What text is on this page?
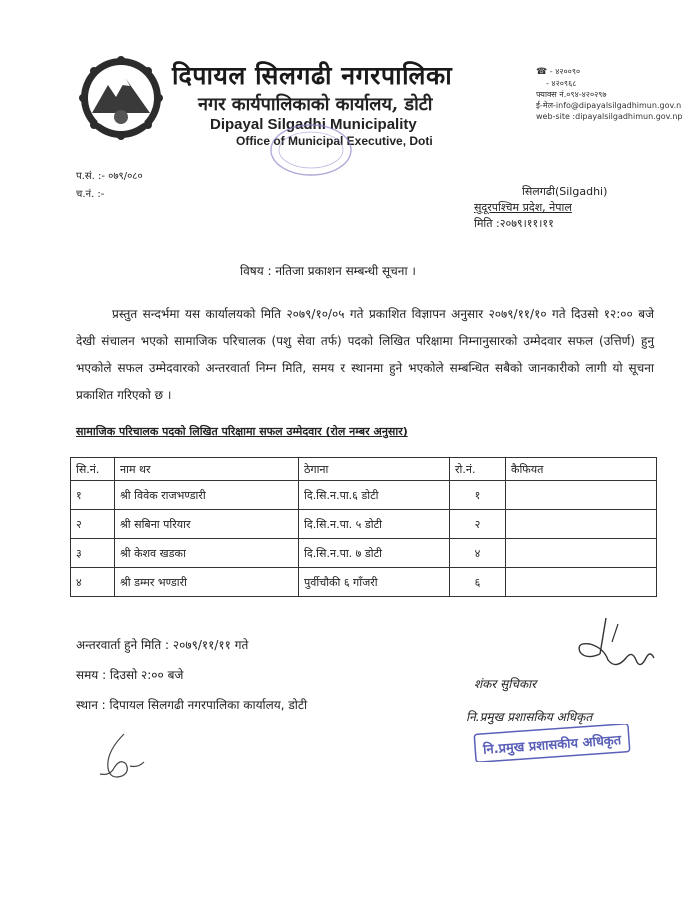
दिपायल सिलगढी नगरपालिका
नगर कार्यपालिकाको कार्यालय, डोटी
Dipayal Silgadhi Municipality
Office of Municipal Executive, Doti
☎ - ४२००९०
- ४२०९६८
फ्याक्स नं.०९४-४२०२९७
ई-मेल-info@dipayalsilgadhimun.gov.n
web-site :dipayalsilgadhimun.gov.np
प.सं. :- ०७९/०८०
च.नं. :-	सिलगढी(Silgadhi)
सुदूरपश्चिम प्रदेश, नेपाल
मिति :२०७९।११।११
विषय : नतिजा प्रकाशन सम्बन्धी सूचना ।
प्रस्तुत सन्दर्भमा यस कार्यालयको मिति २०७९/१०/०५ गते प्रकाशित विज्ञापन अनुसार २०७९/११/१० गते दिउसो १२:०० बजे देखी संचालन भएको सामाजिक परिचालक (पशु सेवा तर्फ) पदको लिखित परिक्षामा निम्नानुसारको उम्मेदवार सफल (उत्तिर्ण) हुनु भएकोले सफल उम्मेदवारको अन्तरवार्ता निम्न मिति, समय र स्थानमा हुने भएकोले सम्बन्धित सबैको जानकारीको लागी यो सूचना प्रकाशित गरिएको छ ।
सामाजिक परिचालक पदको लिखित परिक्षामा सफल उम्मेदवार (रोल नम्बर अनुसार)
सि.नं.	नाम थर	ठेगाना	रो.नं.	कैफियत
१	श्री विवेक राजभण्डारी	दि.सि.न.पा.६ डोटी	१	
२	श्री सबिना परियार	दि.सि.न.पा. ५ डोटी	२	
३	श्री केशव खडका	दि.सि.न.पा. ७ डोटी	४	
४	श्री डम्मर भण्डारी	पुर्वीचौकी ६ गाँजरी	६	
अन्तरवार्ता हुने मिति : २०७९/११/११ गते
समय : दिउसो २:०० बजे
स्थान : दिपायल सिलगढी नगरपालिका कार्यालय, डोटी
शंकर सुचिकार
नि.प्रमुख प्रशासकिय अधिकृत
नि.प्रमुख प्रशासकीय अधिकृत
